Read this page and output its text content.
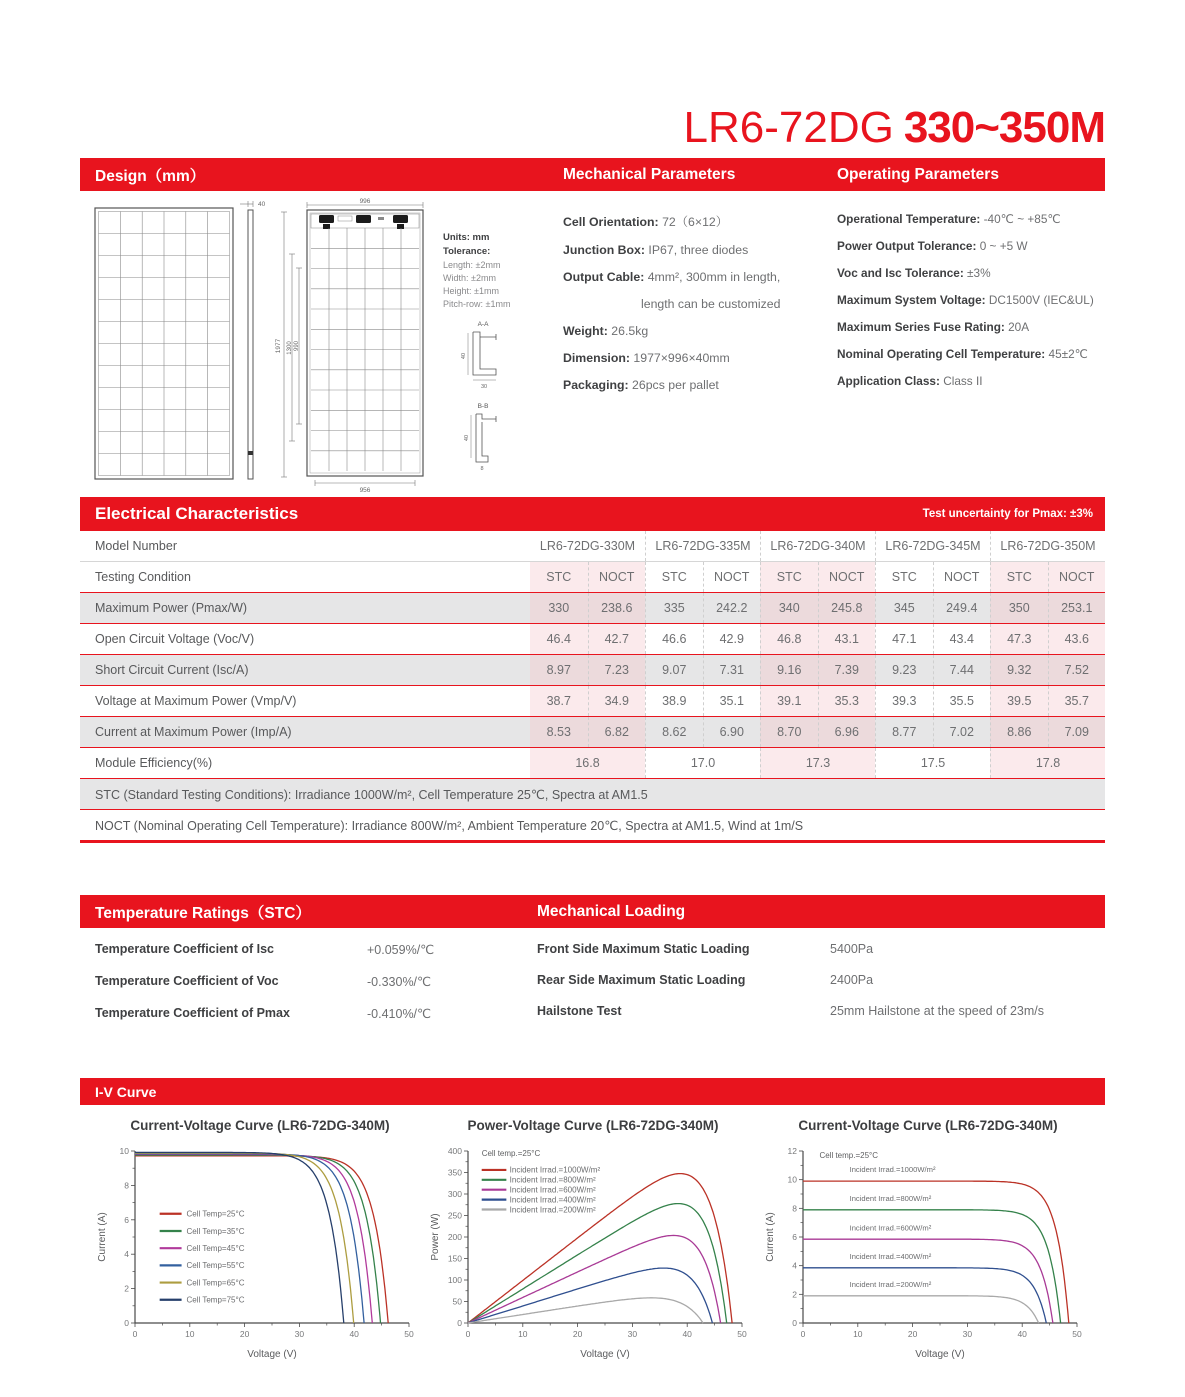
LR6-72DG 330~350M
Design（mm）	Mechanical Parameters	Operating Parameters
40
1977 1300 990
996
956
Units: mm
Tolerance:
Length: ±2mm
Width: ±2mm
Height: ±1mm
Pitch-row: ±1mm
A-A
40
30
B-B
40
8
Cell Orientation: 72（6×12）
Junction Box: IP67, three diodes
Output Cable: 4mm², 300mm in length,
length can be customized
Weight: 26.5kg
Dimension: 1977×996×40mm
Packaging: 26pcs per pallet
Operational Temperature: -40℃ ~ +85℃
Power Output Tolerance: 0 ~ +5 W
Voc and Isc Tolerance: ±3%
Maximum System Voltage: DC1500V (IEC&UL)
Maximum Series Fuse Rating: 20A
Nominal Operating Cell Temperature: 45±2℃
Application Class: Class II
Electrical Characteristics	Test uncertainty for Pmax: ±3%
Model Number	LR6-72DG-330M	LR6-72DG-335M	LR6-72DG-340M	LR6-72DG-345M	LR6-72DG-350M
Testing Condition	STC	NOCT	STC	NOCT	STC	NOCT	STC	NOCT	STC	NOCT
Maximum Power (Pmax/W)	330	238.6	335	242.2	340	245.8	345	249.4	350	253.1
Open Circuit Voltage (Voc/V)	46.4	42.7	46.6	42.9	46.8	43.1	47.1	43.4	47.3	43.6
Short Circuit Current (Isc/A)	8.97	7.23	9.07	7.31	9.16	7.39	9.23	7.44	9.32	7.52
Voltage at Maximum Power (Vmp/V)	38.7	34.9	38.9	35.1	39.1	35.3	39.3	35.5	39.5	35.7
Current at Maximum Power (Imp/A)	8.53	6.82	8.62	6.90	8.70	6.96	8.77	7.02	8.86	7.09
Module Efficiency(%)	16.8	17.0	17.3	17.5	17.8
STC (Standard Testing Conditions): Irradiance 1000W/m², Cell Temperature 25℃, Spectra at AM1.5
NOCT (Nominal Operating Cell Temperature): Irradiance 800W/m², Ambient Temperature 20℃, Spectra at AM1.5, Wind at 1m/S
Temperature Ratings（STC）	Mechanical Loading
Temperature Coefficient of Isc	+0.059%/℃
Temperature Coefficient of Voc	-0.330%/℃
Temperature Coefficient of Pmax	-0.410%/℃
Front Side Maximum Static Loading	5400Pa
Rear Side Maximum Static Loading	2400Pa
Hailstone Test	25mm Hailstone at the speed of 23m/s
I-V Curve
Current-Voltage Curve (LR6-72DG-340M)
0	10	20	30	40	50
0
2
4
6
8
10
Voltage (V)
Current (A)	Cell Temp=25°C
Cell Temp=35°C
Cell Temp=45°C
Cell Temp=55°C
Cell Temp=65°C
Cell Temp=75°C
Power-Voltage Curve (LR6-72DG-340M)
0	10	20	30	40	50
0
50
100
150
200
250
300
350
400
Voltage (V)
Power (W)
Cell temp.=25°C
Incident Irrad.=1000W/m²
Incident Irrad.=800W/m²
Incident Irrad.=600W/m²
Incident Irrad.=400W/m²
Incident Irrad.=200W/m²
Current-Voltage Curve (LR6-72DG-340M)
0	10	20	30	40	50
0
2
4
6
8
10
12
Voltage (V)
Current (A)
Cell temp.=25°C
Incident Irrad.=1000W/m²
Incident Irrad.=800W/m²
Incident Irrad.=600W/m²
Incident Irrad.=400W/m²
Incident Irrad.=200W/m²
